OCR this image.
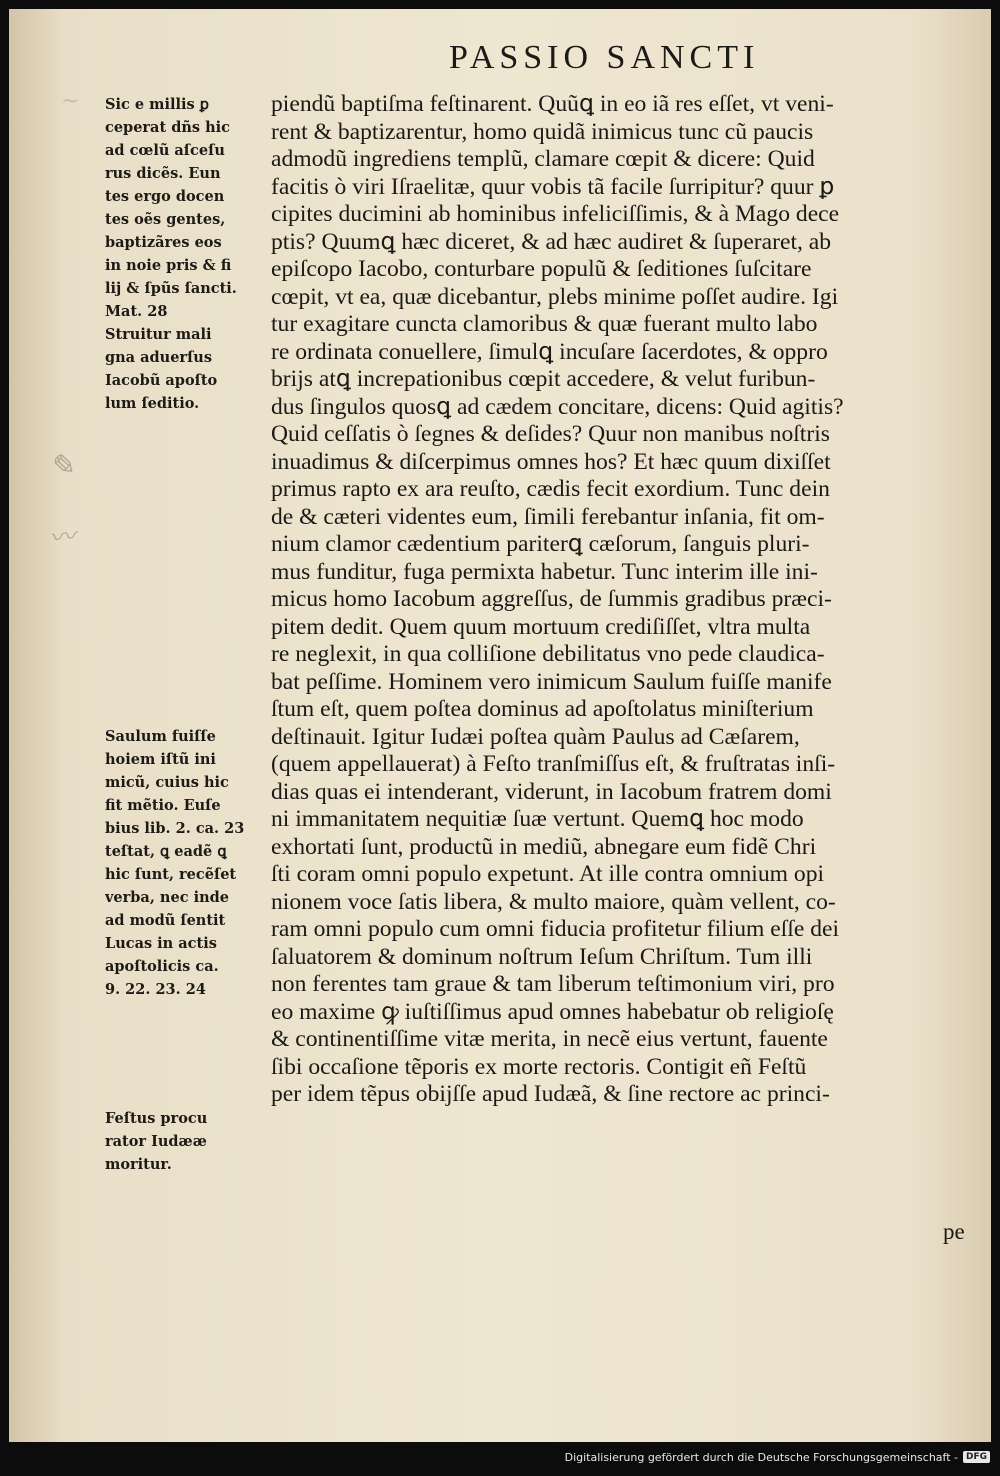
~
✎
〰
PASSIO SANCTI
Sic e millis ꝑ
ceperat dñs hic
ad cœlũ aſceſu
rus dicẽs. Eun
tes ergo docen
tes oẽs gentes,
baptizãres eos
in noie pris & fi
lij & ſpũs ſancti.
Mat. 28
Struitur mali
gna aduerſus
Iacobũ apoſto
lum ſeditio.
Saulum fuiſſe
hoiem iſtũ ini
micũ, cuius hic
fit mẽtio. Euſe
bius lib. 2. ca. 23
teſtat, ꝗ eadẽ ꝗ
hic ſunt, recẽſet
verba, nec inde
ad modũ ſentit
Lucas in actis
apoſtolicis ca.
9. 22. 23. 24
Feſtus procu
rator Iudææ
moritur.
piendũ baptiſma feſtinarent. Quũꝗ in eo iã res eſſet, vt veni-
rent & baptizarentur, homo quidã inimicus tunc cũ paucis
admodũ ingrediens templũ, clamare cœpit & dicere: Quid
facitis ò viri Iſraelitæ, quur vobis tã facile ſurripitur? quur ꝑ
cipites ducimini ab hominibus infeliciſſimis, & à Mago dece
ptis? Quumꝗ hæc diceret, & ad hæc audiret & ſuperaret, ab
epiſcopo Iacobo, conturbare populũ & ſeditiones ſuſcitare
cœpit, vt ea, quæ dicebantur, plebs minime poſſet audire. Igi
tur exagitare cuncta clamoribus & quæ fuerant multo labo
re ordinata conuellere, ſimulꝗ incuſare ſacerdotes, & oppro
brijs atꝗ increpationibus cœpit accedere, & velut furibun-
dus ſingulos quosꝗ ad cædem concitare, dicens: Quid agitis?
Quid ceſſatis ò ſegnes & deſides? Quur non manibus noſtris
inuadimus & diſcerpimus omnes hos? Et hæc quum dixiſſet
primus rapto ex ara reuſto, cædis fecit exordium. Tunc dein
de & cæteri videntes eum, ſimili ferebantur inſania, fit om-
nium clamor cædentium pariterꝗ cæſorum, ſanguis pluri-
mus funditur, fuga permixta habetur. Tunc interim ille ini-
micus homo Iacobum aggreſſus, de ſummis gradibus præci-
pitem dedit. Quem quum mortuum crediſiſſet, vltra multa
re neglexit, in qua colliſione debilitatus vno pede claudica-
bat peſſime. Hominem vero inimicum Saulum fuiſſe manife
ſtum eſt, quem poſtea dominus ad apoſtolatus miniſterium
deſtinauit. Igitur Iudæi poſtea quàm Paulus ad Cæſarem,
(quem appellauerat) à Feſto tranſmiſſus eſt, & fruſtratas inſi-
dias quas ei intenderant, viderunt, in Iacobum fratrem domi
ni immanitatem nequitiæ ſuæ vertunt. Quemꝗ hoc modo
exhortati ſunt, productũ in mediũ, abnegare eum fidẽ Chri
ſti coram omni populo expetunt. At ille contra omnium opi
nionem voce ſatis libera, & multo maiore, quàm vellent, co-
ram omni populo cum omni fiducia profitetur filium eſſe dei
ſaluatorem & dominum noſtrum Ieſum Chriſtum. Tum illi
non ferentes tam graue & tam liberum teſtimonium viri, pro
eo maxime ꝙ iuſtiſſimus apud omnes habebatur ob religioſę
& continentiſſime vitæ merita, in necẽ eius vertunt, fauente
ſibi occaſione tẽporis ex morte rectoris. Contigit eñ Feſtũ
per idem tẽpus obijſſe apud Iudæã, & ſine rectore ac princi-
pe
Digitalisierung gefördert durch die Deutsche Forschungsgemeinschaft - DFG
